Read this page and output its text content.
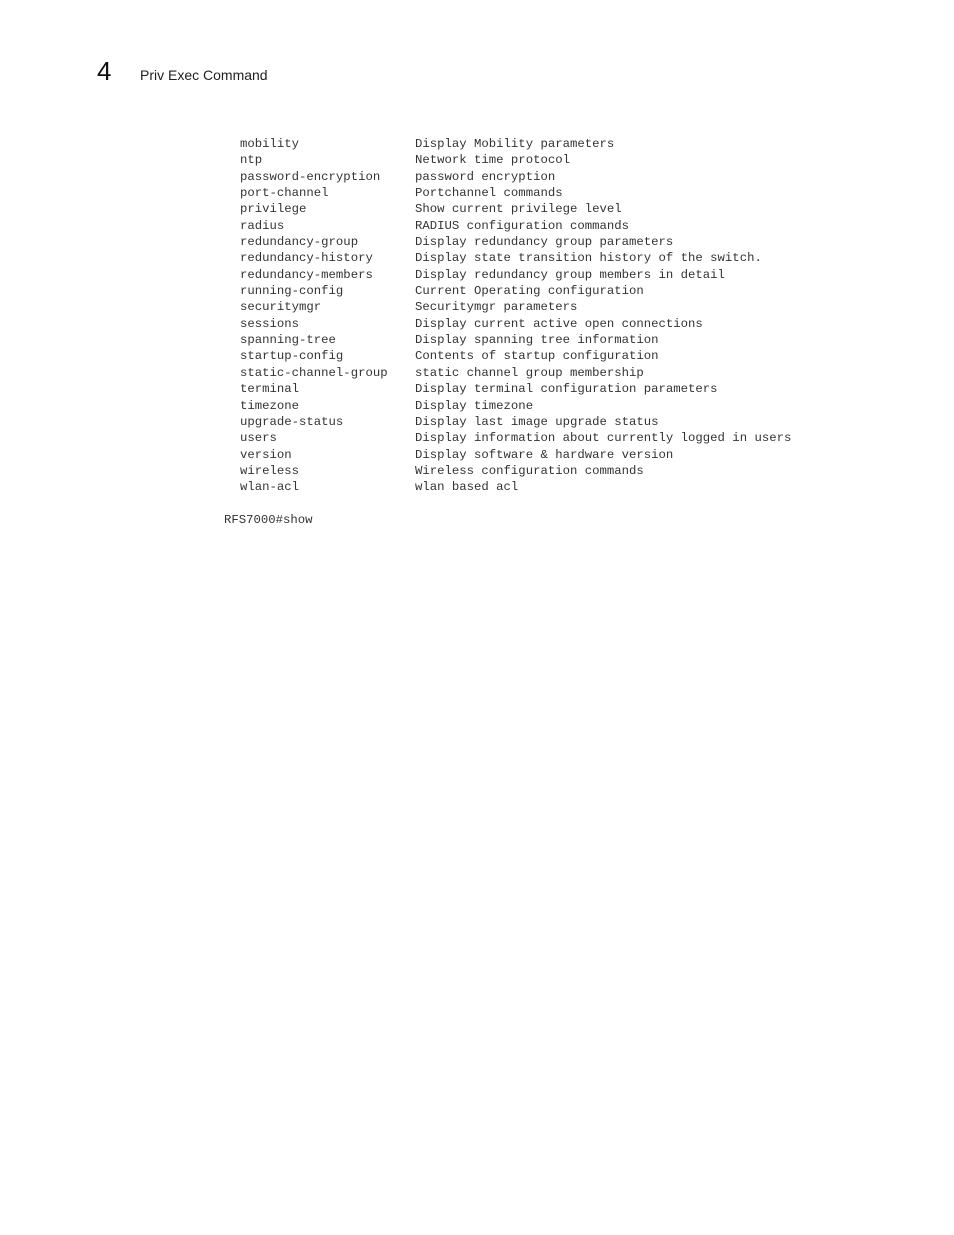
4	Priv Exec Command
mobility	Display Mobility parameters
ntp	Network time protocol
password-encryption	password encryption
port-channel	Portchannel commands
privilege	Show current privilege level
radius	RADIUS configuration commands
redundancy-group	Display redundancy group parameters
redundancy-history	Display state transition history of the switch.
redundancy-members	Display redundancy group members in detail
running-config	Current Operating configuration
securitymgr	Securitymgr parameters
sessions	Display current active open connections
spanning-tree	Display spanning tree information
startup-config	Contents of startup configuration
static-channel-group	static channel group membership
terminal	Display terminal configuration parameters
timezone	Display timezone
upgrade-status	Display last image upgrade status
users	Display information about currently logged in users
version	Display software & hardware version
wireless	Wireless configuration commands
wlan-acl	wlan based acl
RFS7000#show
